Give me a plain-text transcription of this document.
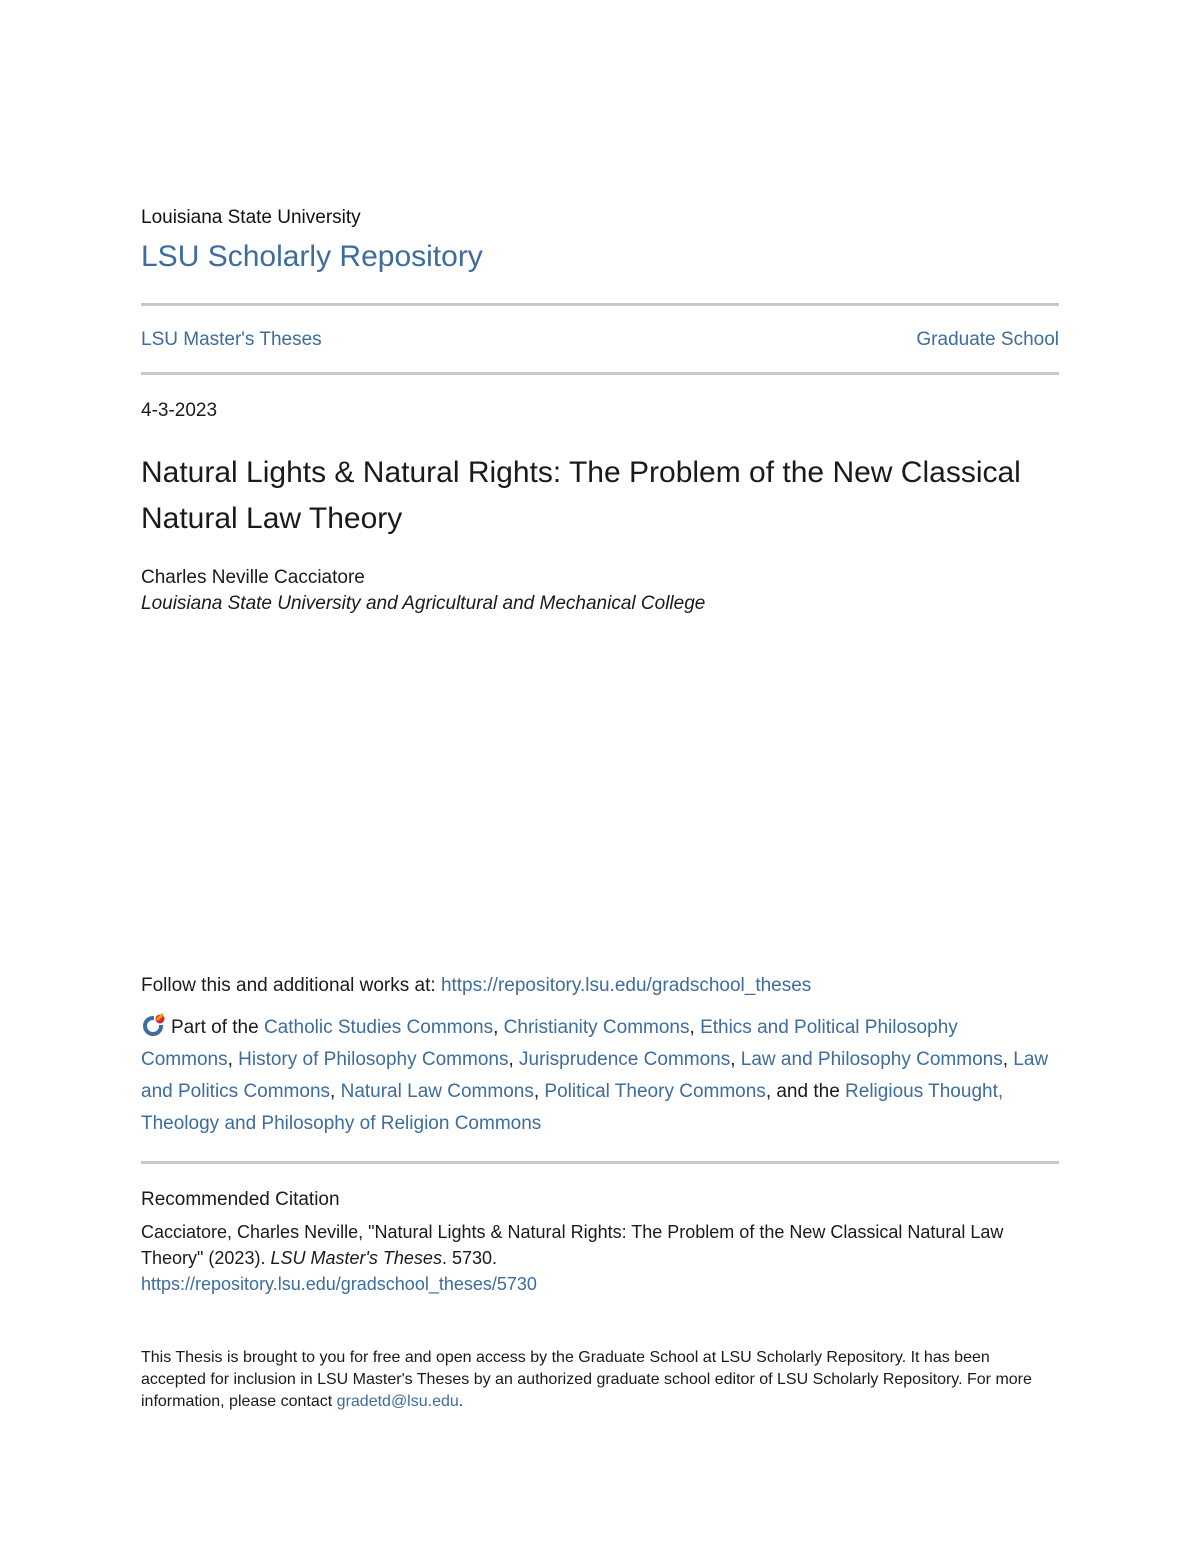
Louisiana State University
LSU Scholarly Repository
LSU Master's Theses	Graduate School
4-3-2023
Natural Lights & Natural Rights: The Problem of the New Classical
Natural Law Theory
Charles Neville Cacciatore
Louisiana State University and Agricultural and Mechanical College
Follow this and additional works at: https://repository.lsu.edu/gradschool_theses
Part of the Catholic Studies Commons, Christianity Commons, Ethics and Political Philosophy Commons, History of Philosophy Commons, Jurisprudence Commons, Law and Philosophy Commons, Law and Politics Commons, Natural Law Commons, Political Theory Commons, and the Religious Thought, Theology and Philosophy of Religion Commons
Recommended Citation
Cacciatore, Charles Neville, "Natural Lights & Natural Rights: The Problem of the New Classical Natural Law Theory" (2023). LSU Master's Theses. 5730.
https://repository.lsu.edu/gradschool_theses/5730
This Thesis is brought to you for free and open access by the Graduate School at LSU Scholarly Repository. It has been accepted for inclusion in LSU Master's Theses by an authorized graduate school editor of LSU Scholarly Repository. For more information, please contact gradetd@lsu.edu.
